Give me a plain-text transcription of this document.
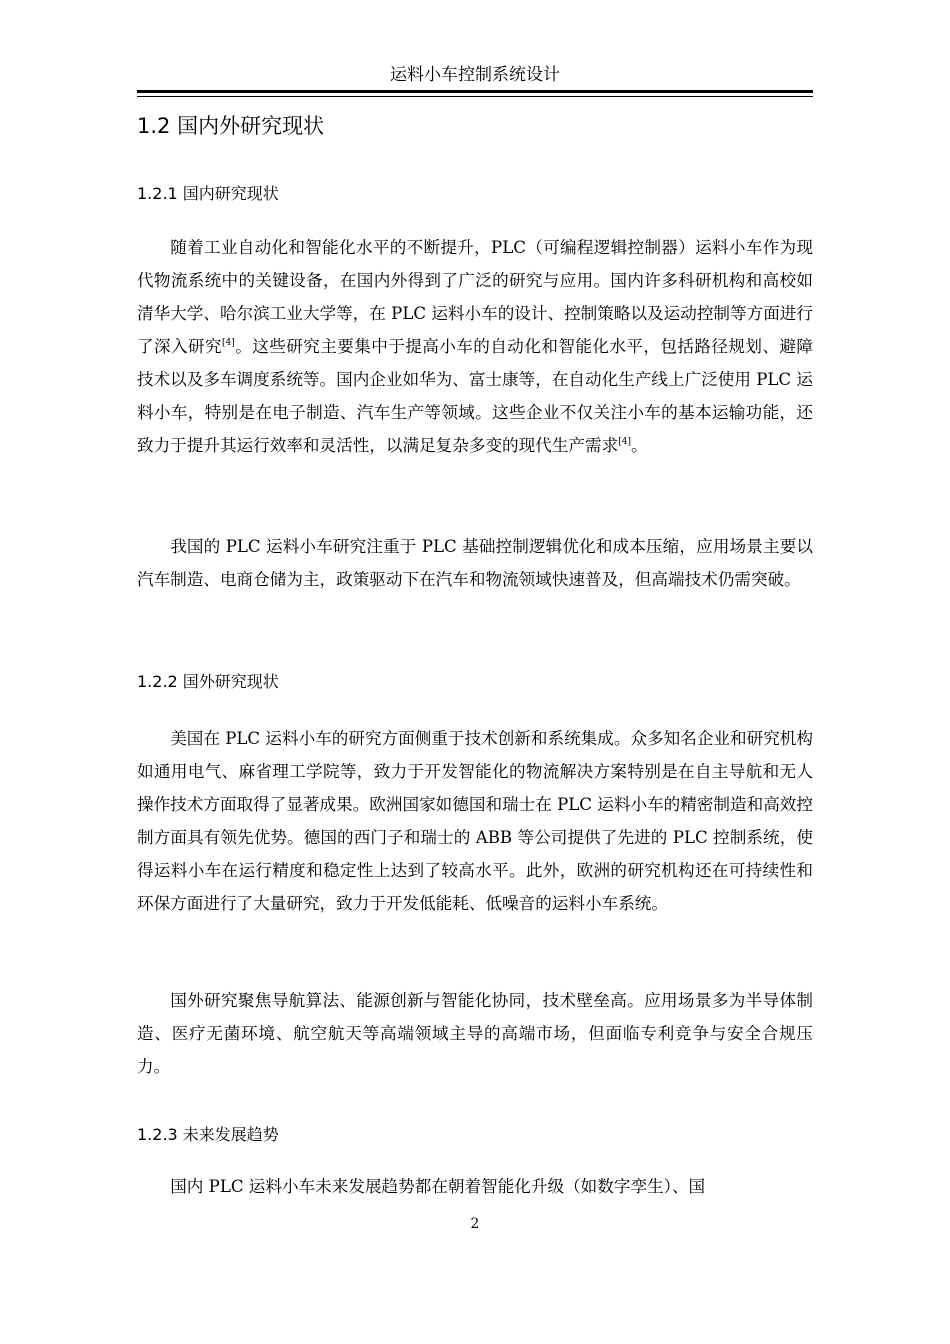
运料小车控制系统设计
1.2 国内外研究现状
1.2.1 国内研究现状

随着工业自动化和智能化水平的不断提升，PLC（可编程逻辑控制器）运料小车作为现代物流系统中的关键设备，在国内外得到了广泛的研究与应用。国内许多科研机构和高校如清华大学、哈尔滨工业大学等，在 PLC 运料小车的设计、控制策略以及运动控制等方面进行了深入研究[4]。这些研究主要集中于提高小车的自动化和智能化水平，包括路径规划、避障技术以及多车调度系统等。国内企业如华为、富士康等，在自动化生产线上广泛使用 PLC 运料小车，特别是在电子制造、汽车生产等领域。这些企业不仅关注小车的基本运输功能，还致力于提升其运行效率和灵活性，以满足复杂多变的现代生产需求[4]。

我国的 PLC 运料小车研究注重于 PLC 基础控制逻辑优化和成本压缩，应用场景主要以汽车制造、电商仓储为主，政策驱动下在汽车和物流领域快速普及，但高端技术仍需突破。

1.2.2 国外研究现状

美国在 PLC 运料小车的研究方面侧重于技术创新和系统集成。众多知名企业和研究机构如通用电气、麻省理工学院等，致力于开发智能化的物流解决方案特别是在自主导航和无人操作技术方面取得了显著成果。欧洲国家如德国和瑞士在 PLC 运料小车的精密制造和高效控制方面具有领先优势。德国的西门子和瑞士的 ABB 等公司提供了先进的 PLC 控制系统，使得运料小车在运行精度和稳定性上达到了较高水平。此外，欧洲的研究机构还在可持续性和环保方面进行了大量研究，致力于开发低能耗、低噪音的运料小车系统。

国外研究聚焦导航算法、能源创新与智能化协同，技术壁垒高。应用场景多为半导体制造、医疗无菌环境、航空航天等高端领域主导的高端市场，但面临专利竞争与安全合规压力。

1.2.3 未来发展趋势

国内 PLC 运料小车未来发展趋势都在朝着智能化升级（如数字孪生）、国

2
